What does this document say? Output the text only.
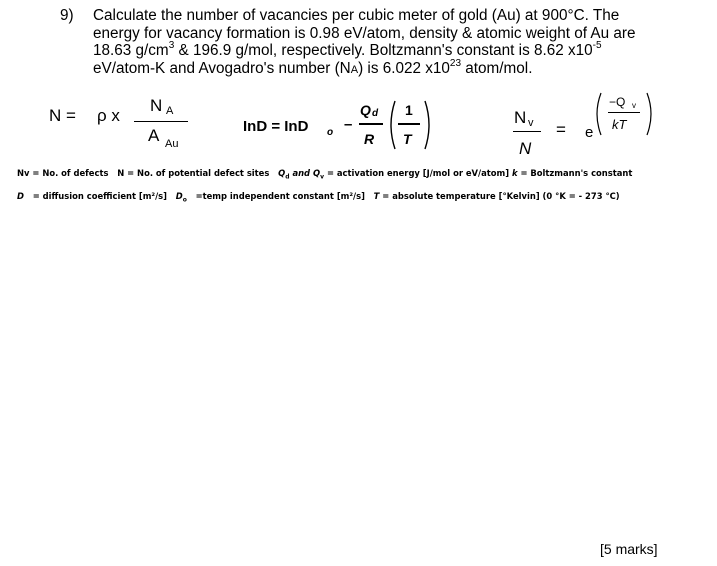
9) Calculate the number of vacancies per cubic meter of gold (Au) at 900°C. The
energy for vacancy formation is 0.98 eV/atom, density & atomic weight of Au are
18.63 $g/cm^3$ & 196.9 g/mol, respectively. Boltzmann's constant is 8.62 $x10^{-5}$
eV/atom-K and Avogadro's number (NA) is 6.022 $x10^{23}$ atom/mol.
N = ρ x
N A
A Au
InD = InD o –
Q d
R
1
T
N v
N
= e
−Q v
kT
Nv = No. of defects N = No. of potential defect sites $Q_d$ and $Q_v$ = activation energy [J/mol or eV/atom] k = Boltzmann's constant
D   = diffusion coefficient [m²/s] $D_o$   =temp independent constant [m²/s] T = absolute temperature [°Kelvin] (0 °K = - 273 °C)
[5 marks]
